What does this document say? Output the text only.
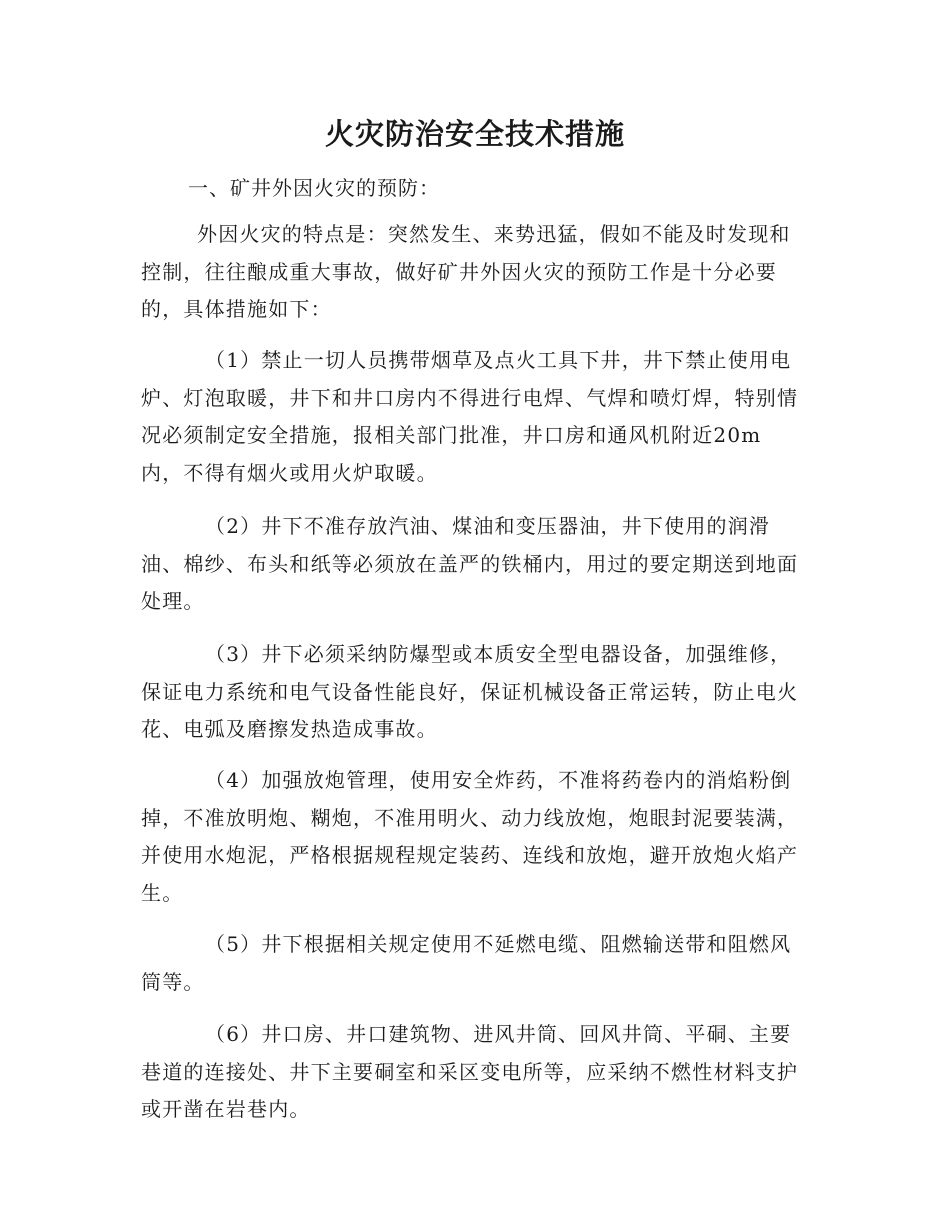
火灾防治安全技术措施
一、矿井外因火灾的预防：
外因火灾的特点是：突然发生、来势迅猛，假如不能及时发现和控制，往往酿成重大事故，做好矿井外因火灾的预防工作是十分必要的，具体措施如下：
（1）禁止一切人员携带烟草及点火工具下井，井下禁止使用电炉、灯泡取暖，井下和井口房内不得进行电焊、气焊和喷灯焊，特别情况必须制定安全措施，报相关部门批准，井口房和通风机附近20m内，不得有烟火或用火炉取暖。
（2）井下不准存放汽油、煤油和变压器油，井下使用的润滑油、棉纱、布头和纸等必须放在盖严的铁桶内，用过的要定期送到地面处理。
（3）井下必须采纳防爆型或本质安全型电器设备，加强维修，保证电力系统和电气设备性能良好，保证机械设备正常运转，防止电火花、电弧及磨擦发热造成事故。
（4）加强放炮管理，使用安全炸药，不准将药卷内的消焰粉倒掉，不准放明炮、糊炮，不准用明火、动力线放炮，炮眼封泥要装满，并使用水炮泥，严格根据规程规定装药、连线和放炮，避开放炮火焰产生。
（5）井下根据相关规定使用不延燃电缆、阻燃输送带和阻燃风筒等。
（6）井口房、井口建筑物、进风井筒、回风井筒、平硐、主要巷道的连接处、井下主要硐室和采区变电所等，应采纳不燃性材料支护或开凿在岩巷内。
